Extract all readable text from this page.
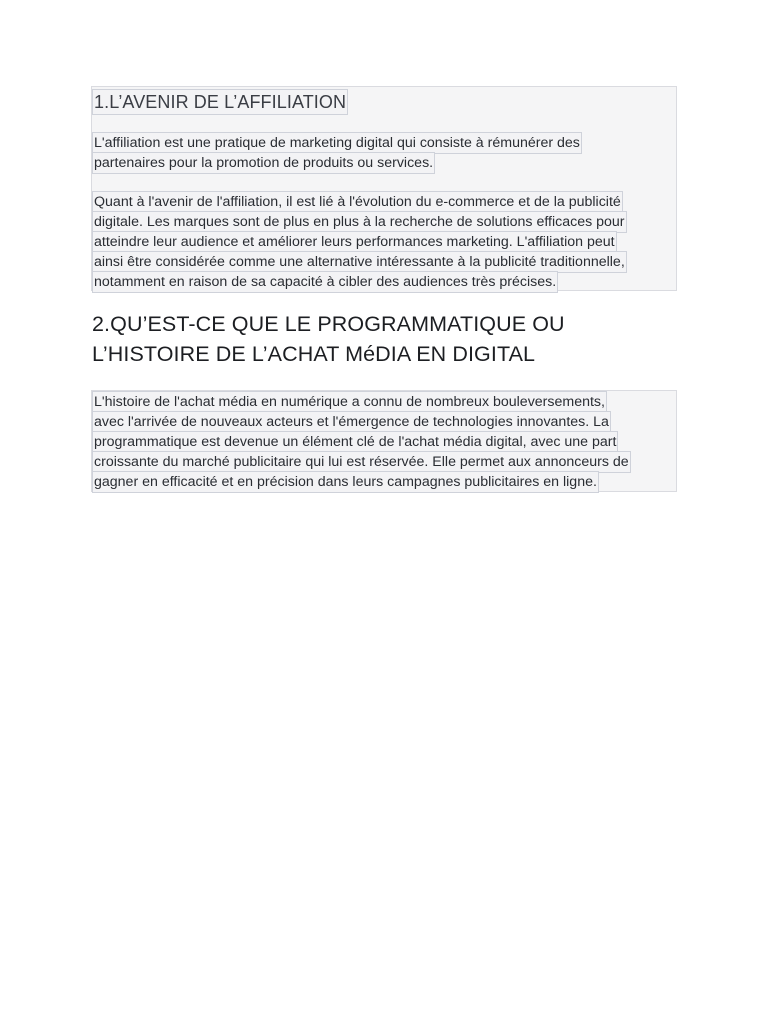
1.L’AVENIR DE L’AFFILIATION
L'affiliation est une pratique de marketing digital qui consiste à rémunérer des
partenaires pour la promotion de produits ou services.
Quant à l'avenir de l'affiliation, il est lié à l'évolution du e-commerce et de la publicité
digitale. Les marques sont de plus en plus à la recherche de solutions efficaces pour
atteindre leur audience et améliorer leurs performances marketing. L'affiliation peut
ainsi être considérée comme une alternative intéressante à la publicité traditionnelle,
notamment en raison de sa capacité à cibler des audiences très précises.
2.QU’EST-CE QUE LE PROGRAMMATIQUE OU
L’HISTOIRE DE L’ACHAT MéDIA EN DIGITAL
L'histoire de l'achat média en numérique a connu de nombreux bouleversements,
avec l'arrivée de nouveaux acteurs et l'émergence de technologies innovantes. La
programmatique est devenue un élément clé de l'achat média digital, avec une part
croissante du marché publicitaire qui lui est réservée. Elle permet aux annonceurs de
gagner en efficacité et en précision dans leurs campagnes publicitaires en ligne.
